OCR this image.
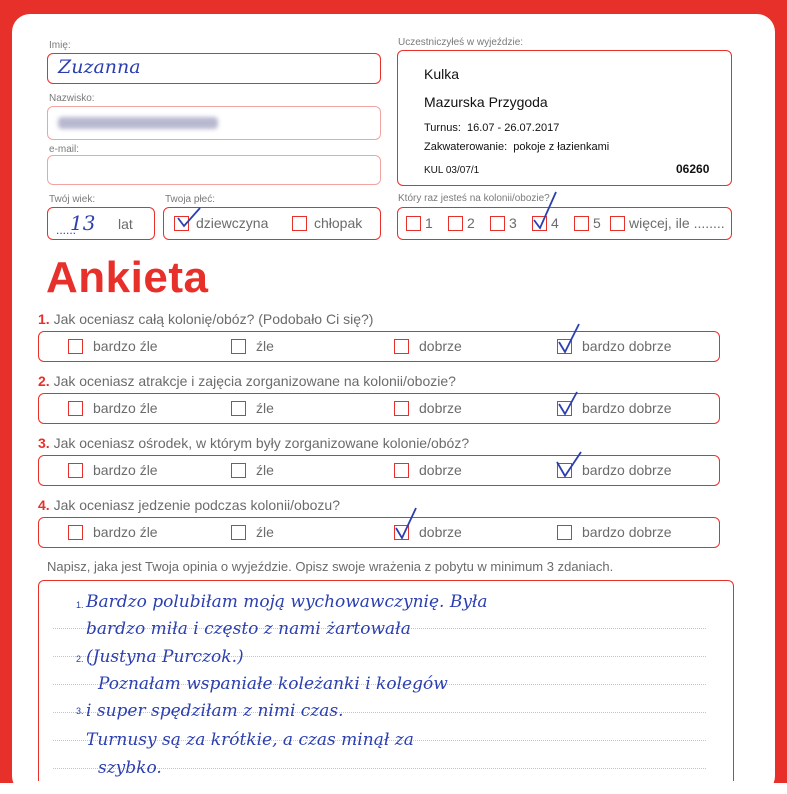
Imię:
Zuzanna
Nazwisko:
e-mail:
Twój wiek:
......
13 lat
Twoja płeć:
dziewczyna	chłopak
Uczestniczyłeś w wyjeździe:
Kulka
Mazurska Przygoda
Turnus: 16.07 - 26.07.2017
Zakwaterowanie: pokoje z łazienkami
KUL 03/07/1	06260
Który raz jesteś na kolonii/obozie?
1 2 3 4 5 więcej, ile ........
Ankieta
1. Jak oceniasz całą kolonię/obóz? (Podobało Ci się?)
bardzo źle	źle	dobrze	bardzo dobrze
2. Jak oceniasz atrakcje i zajęcia zorganizowane na kolonii/obozie?
bardzo źle	źle	dobrze	bardzo dobrze
3. Jak oceniasz ośrodek, w którym były zorganizowane kolonie/obóz?
bardzo źle	źle	dobrze	bardzo dobrze
4. Jak oceniasz jedzenie podczas kolonii/obozu?
bardzo źle	źle	dobrze	bardzo dobrze
Napisz, jaka jest Twoja opinia o wyjeździe. Opisz swoje wrażenia z pobytu w minimum 3 zdaniach.
1.
2.
3.
Bardzo polubiłam moją wychowawczynię. Była
bardzo miła i często z nami żartowała
(Justyna Purczok.)
Poznałam wspaniałe koleżanki i kolegów
i super spędziłam z nimi czas.
Turnusy są za krótkie, a czas minął za
szybko.
